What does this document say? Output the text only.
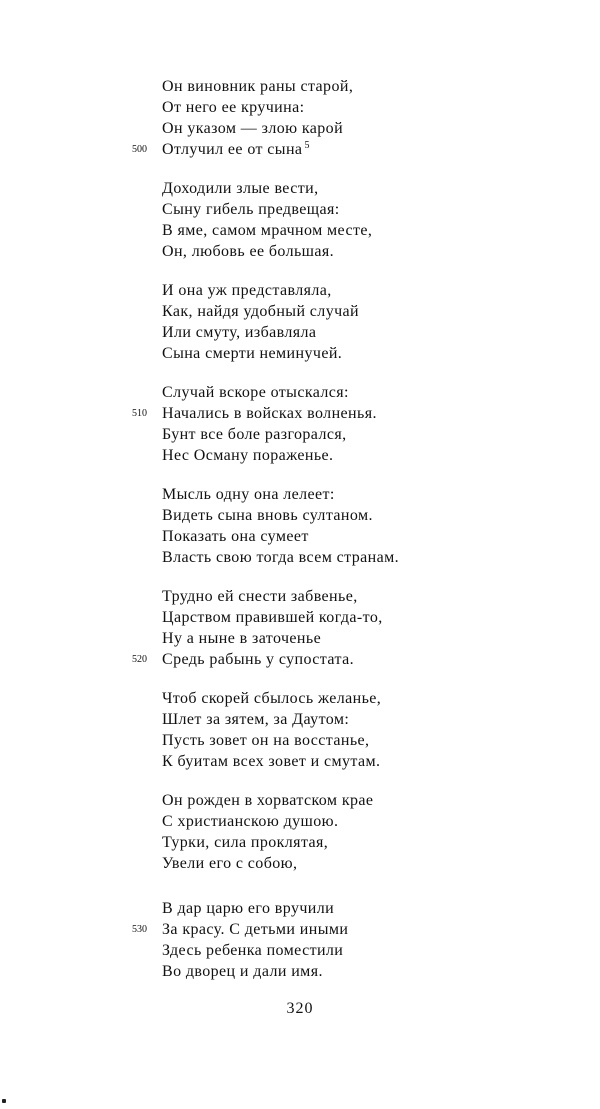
Он виновник раны старой,
От него ее кручина:
Он указом — злою карой
500 Отлучил ее от сына $^5$
Доходили злые вести,
Сыну гибель предвещая:
В яме, самом мрачном месте,
Он, любовь ее большая.
И она уж представляла,
Как, найдя удобный случай
Или смуту, избавляла
Сына смерти неминучей.
Случай вскоре отыскался:
510 Начались в войсках волненья.
Бунт все боле разгорался,
Нес Осману пораженье.
Мысль одну она лелеет:
Видеть сына вновь султаном.
Показать она сумеет
Власть свою тогда всем странам.
Трудно ей снести забвенье,
Царством правившей когда-то,
Ну а ныне в заточенье
520 Средь рабынь у супостата.
Чтоб скорей сбылось желанье,
Шлет за зятем, за Даутом:
Пусть зовет он на восстанье,
К буитам всех зовет и смутам.
Он рожден в хорватском крае
С христианскою душою.
Турки, сила проклятая,
Увели его с собою,
В дар царю его вручили
530 За красу. С детьми иными
Здесь ребенка поместили
Во дворец и дали имя.
320
